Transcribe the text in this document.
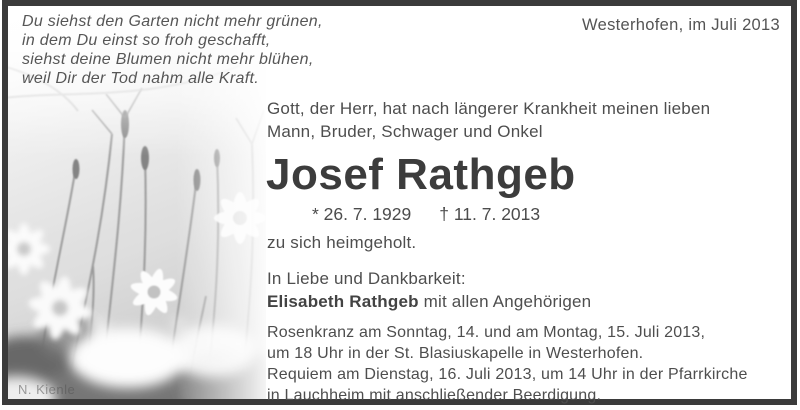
N. Kienle
Du siehst den Garten nicht mehr grünen,
in dem Du einst so froh geschafft,
siehst deine Blumen nicht mehr blühen,
weil Dir der Tod nahm alle Kraft.
Westerhofen, im Juli 2013
Gott, der Herr, hat nach längerer Krankheit meinen lieben
Mann, Bruder, Schwager und Onkel
Josef Rathgeb
* 26. 7. 1929 † 11. 7. 2013
zu sich heimgeholt.
In Liebe und Dankbarkeit:
Elisabeth Rathgeb mit allen Angehörigen
Rosenkranz am Sonntag, 14. und am Montag, 15. Juli 2013,
um 18 Uhr in der St. Blasiuskapelle in Westerhofen.
Requiem am Dienstag, 16. Juli 2013, um 14 Uhr in der Pfarrkirche
in Lauchheim mit anschließender Beerdigung.
